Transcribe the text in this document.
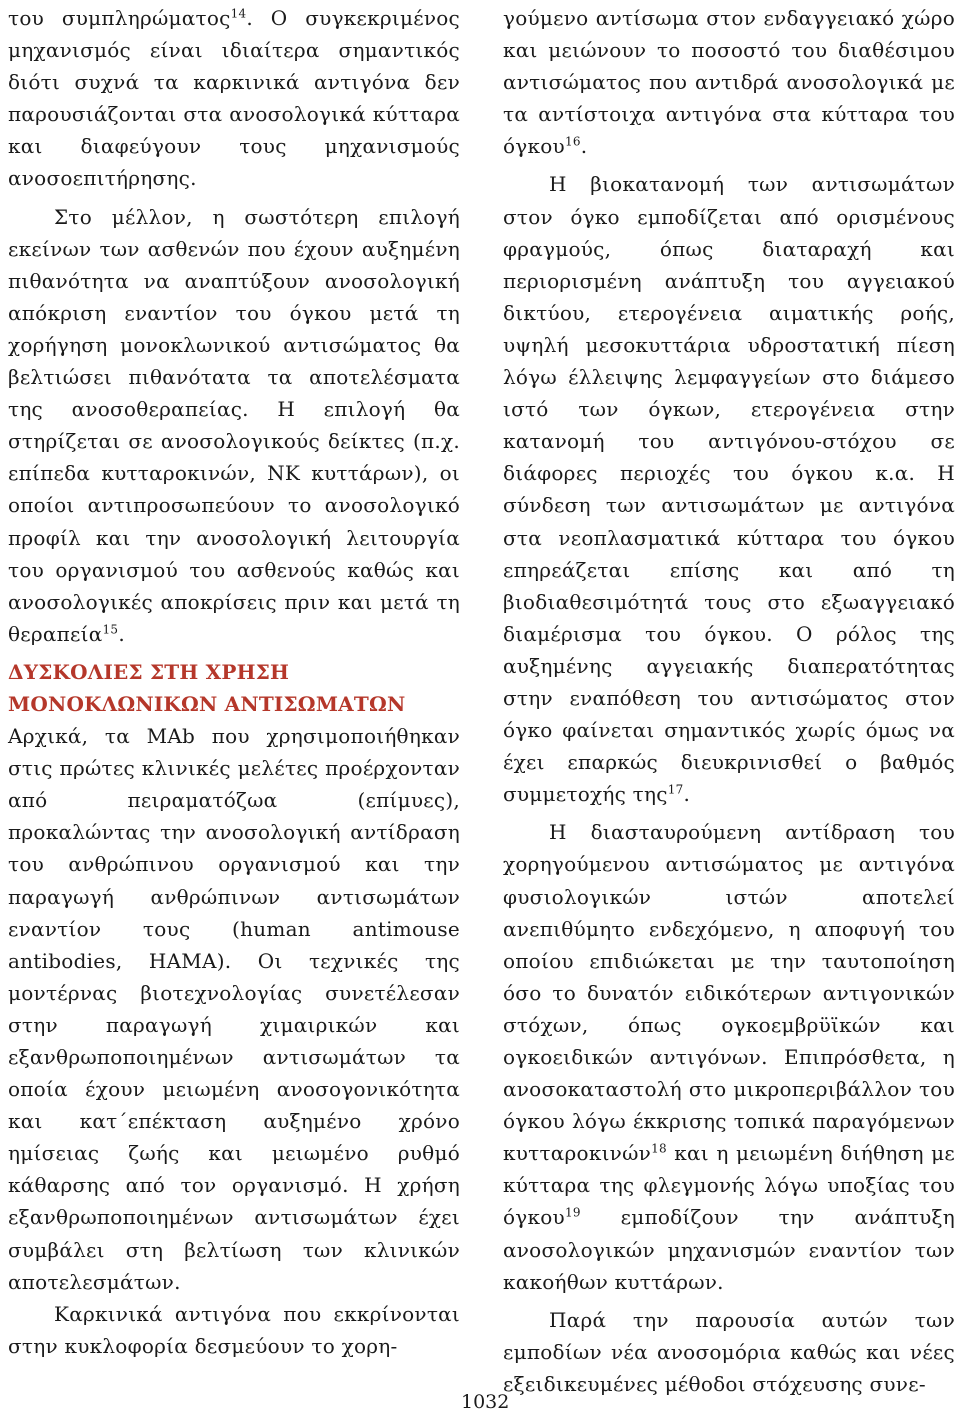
του συμπληρώματος$^{14}$. Ο συγκεκριμένος μηχανισμός είναι ιδιαίτερα σημαντικός διότι συχνά τα καρκινικά αντιγόνα δεν παρουσιάζονται στα ανοσολογικά κύτταρα και διαφεύγουν τους μηχανισμούς ανοσοεπιτήρησης.

Στο μέλλον, η σωστότερη επιλογή εκείνων των ασθενών που έχουν αυξημένη πιθανότητα να αναπτύξουν ανοσολογική απόκριση εναντίον του όγκου μετά τη χορήγηση μονοκλωνικού αντισώματος θα βελτιώσει πιθανότατα τα αποτελέσματα της ανοσοθεραπείας. Η επιλογή θα στηρίζεται σε ανοσολογικούς δείκτες (π.χ. επίπεδα κυτταροκινών, ΝΚ κυττάρων), οι οποίοι αντιπροσωπεύουν το ανοσολογικό προφίλ και την ανοσολογική λειτουργία του οργανισμού του ασθενούς καθώς και ανοσολογικές αποκρίσεις πριν και μετά τη θεραπεία$^{15}$.

ΔΥΣΚΟΛΙΕΣ ΣΤΗ ΧΡΗΣΗ ΜΟΝΟΚΛΩΝΙΚΩΝ ΑΝΤΙΣΩΜΑΤΩΝ

Αρχικά, τα MAb που χρησιμοποιήθηκαν στις πρώτες κλινικές μελέτες προέρχονταν από πειραματόζωα (επίμυες), προκαλώντας την ανοσολογική αντίδραση του ανθρώπινου οργανισμού και την παραγωγή ανθρώπινων αντισωμάτων εναντίον τους (human antimouse antibodies, HAMA). Οι τεχνικές της μοντέρνας βιοτεχνολογίας συνετέλεσαν στην παραγωγή χιμαιρικών και εξανθρωποποιημένων αντισωμάτων τα οποία έχουν μειωμένη ανοσογονικότητα και κατ΄επέκταση αυξημένο χρόνο ημίσειας ζωής και μειωμένο ρυθμό κάθαρσης από τον οργανισμό. Η χρήση εξανθρωποποιημένων αντισωμάτων έχει συμβάλει στη βελτίωση των κλινικών αποτελεσμάτων.

Καρκινικά αντιγόνα που εκκρίνονται στην κυκλοφορία δεσμεύουν το χορη-

γούμενο αντίσωμα στον ενδαγγειακό χώρο και μειώνουν το ποσοστό του διαθέσιμου αντισώματος που αντιδρά ανοσολογικά με τα αντίστοιχα αντιγόνα στα κύτταρα του όγκου$^{16}$.

Η βιοκατανομή των αντισωμάτων στον όγκο εμποδίζεται από ορισμένους φραγμούς, όπως διαταραχή και περιορισμένη ανάπτυξη του αγγειακού δικτύου, ετερογένεια αιματικής ροής, υψηλή μεσοκυττάρια υδροστατική πίεση λόγω έλλειψης λεμφαγγείων στο διάμεσο ιστό των όγκων, ετερογένεια στην κατανομή του αντιγόνου-στόχου σε διάφορες περιοχές του όγκου κ.α. Η σύνδεση των αντισωμάτων με αντιγόνα στα νεοπλασματικά κύτταρα του όγκου επηρεάζεται επίσης και από τη βιοδιαθεσιμότητά τους στο εξωαγγειακό διαμέρισμα του όγκου. Ο ρόλος της αυξημένης αγγειακής διαπερατότητας στην εναπόθεση του αντισώματος στον όγκο φαίνεται σημαντικός χωρίς όμως να έχει επαρκώς διευκρινισθεί ο βαθμός συμμετοχής της$^{17}$.

Η διασταυρούμενη αντίδραση του χορηγούμενου αντισώματος με αντιγόνα φυσιολογικών ιστών αποτελεί ανεπιθύμητο ενδεχόμενο, η αποφυγή του οποίου επιδιώκεται με την ταυτοποίηση όσο το δυνατόν ειδικότερων αντιγονικών στόχων, όπως ογκοεμβρϋϊκών και ογκοειδικών αντιγόνων. Επιπρόσθετα, η ανοσοκαταστολή στο μικροπεριβάλλον του όγκου λόγω έκκρισης τοπικά παραγόμενων κυτταροκινών$^{18}$ και η μειωμένη διήθηση με κύτταρα της φλεγμονής λόγω υποξίας του όγκου$^{19}$ εμποδίζουν την ανάπτυξη ανοσολογικών μηχανισμών εναντίον των κακοήθων κυττάρων.

Παρά την παρουσία αυτών των εμποδίων νέα ανοσομόρια καθώς και νέες εξειδικευμένες μέθοδοι στόχευσης συνε-

1032
